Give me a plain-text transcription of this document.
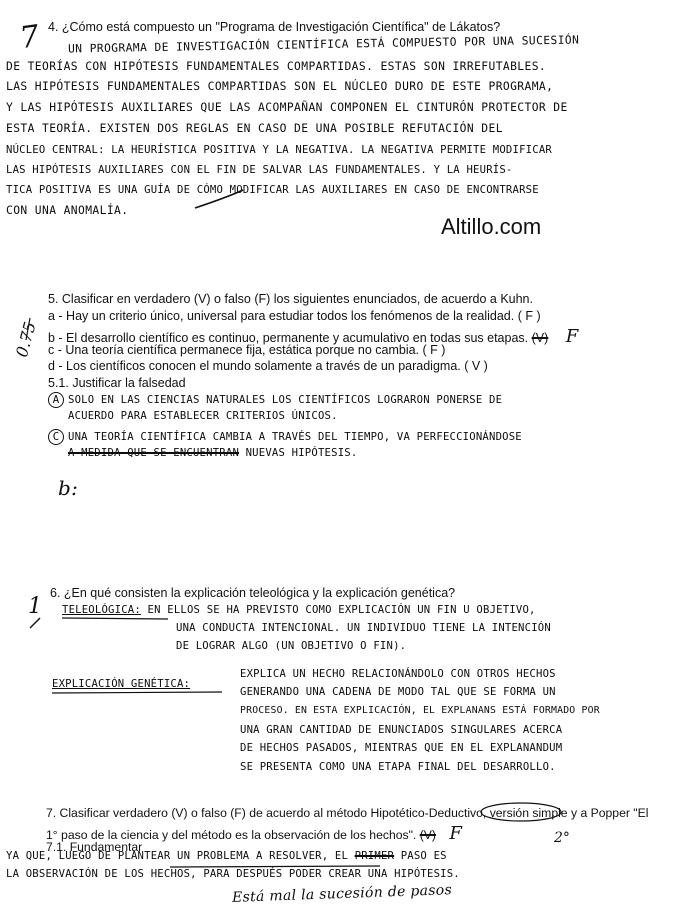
7 4. ¿Cómo está compuesto un "Programa de Investigación Científica" de Lákatos?
UN PROGRAMA DE INVESTIGACIÓN CIENTÍFICA ESTÁ COMPUESTO POR UNA SUCESIÓN
DE TEORÍAS CON HIPÓTESIS FUNDAMENTALES COMPARTIDAS. ESTAS SON IRREFUTABLES.
LAS HIPÓTESIS FUNDAMENTALES COMPARTIDAS SON EL NÚCLEO DURO DE ESTE PROGRAMA,
Y LAS HIPÓTESIS AUXILIARES QUE LAS ACOMPAÑAN COMPONEN EL CINTURÓN PROTECTOR DE
ESTA TEORÍA. EXISTEN DOS REGLAS EN CASO DE UNA POSIBLE REFUTACIÓN DEL
NÚCLEO CENTRAL: LA HEURÍSTICA POSITIVA Y LA NEGATIVA. LA NEGATIVA PERMITE MODIFICAR
LAS HIPÓTESIS AUXILIARES CON EL FIN DE SALVAR LAS FUNDAMENTALES. Y LA HEURÍS-
TICA POSITIVA ES UNA GUÍA DE CÓMO MODIFICAR LAS AUXILIARES EN CASO DE ENCONTRARSE
CON UNA ANOMALÍA.
Altillo.com
0.75
5. Clasificar en verdadero (V) o falso (F) los siguientes enunciados, de acuerdo a Kuhn.
a - Hay un criterio único, universal para estudiar todos los fenómenos de la realidad. ( F )
b - El desarrollo científico es continuo, permanente y acumulativo en todas sus etapas. (V) F
c - Una teoría científica permanece fija, estática porque no cambia. ( F )
d - Los científicos conocen el mundo solamente a través de un paradigma. ( V )
5.1. Justificar la falsedad
A SOLO EN LAS CIENCIAS NATURALES LOS CIENTÍFICOS LOGRARON PONERSE DE
ACUERDO PARA ESTABLECER CRITERIOS ÚNICOS.
C UNA TEORÍA CIENTÍFICA CAMBIA A TRAVÉS DEL TIEMPO, VA PERFECCIONÁNDOSE
A MEDIDA QUE SE ENCUENTRAN NUEVAS HIPÓTESIS.
b:
1
6. ¿En qué consisten la explicación teleológica y la explicación genética?
TELEOLÓGICA: EN ELLOS SE HA PREVISTO COMO EXPLICACIÓN UN FIN U OBJETIVO,
UNA CONDUCTA INTENCIONAL. UN INDIVIDUO TIENE LA INTENCIÓN
DE LOGRAR ALGO (UN OBJETIVO O FIN).
EXPLICACIÓN GENÉTICA:
EXPLICA UN HECHO RELACIONÁNDOLO CON OTROS HECHOS
GENERANDO UNA CADENA DE MODO TAL QUE SE FORMA UN
PROCESO. EN ESTA EXPLICACIÓN, EL EXPLANANS ESTÁ FORMADO POR
UNA GRAN CANTIDAD DE ENUNCIADOS SINGULARES ACERCA
DE HECHOS PASADOS, MIENTRAS QUE EN EL EXPLANANDUM
SE PRESENTA COMO UNA ETAPA FINAL DEL DESARROLLO.
7. Clasificar verdadero (V) o falso (F) de acuerdo al método Hipotético-Deductivo, versión simple y a Popper "El
1° paso de la ciencia y del método es la observación de los hechos". (V) F
7.1. Fundamentar
2°
YA QUE, LUEGO DE PLANTEAR UN PROBLEMA A RESOLVER, EL PRIMER PASO ES
LA OBSERVACIÓN DE LOS HECHOS, PARA DESPUÉS PODER CREAR UNA HIPÓTESIS.
Está mal la sucesión de pasos
